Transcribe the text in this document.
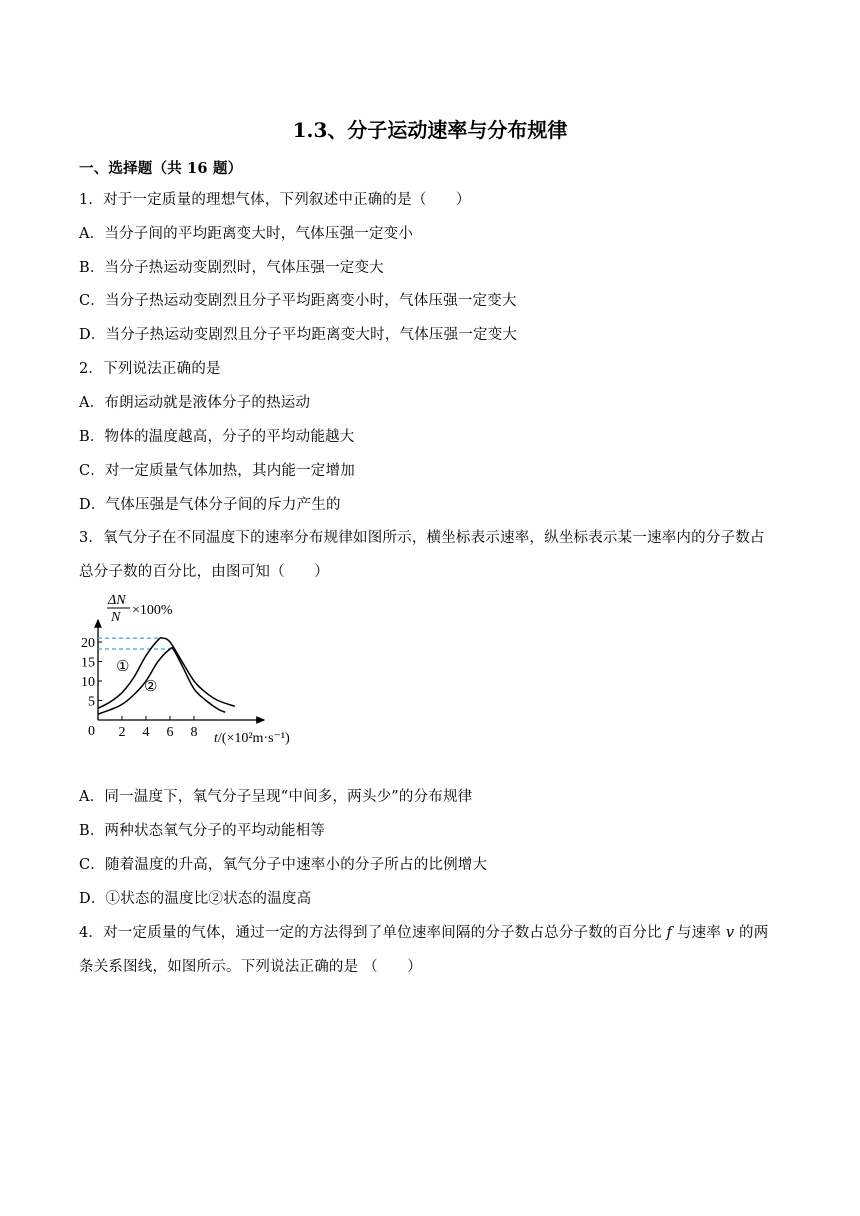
1.3、分子运动速率与分布规律
一、选择题（共 16 题）
1．对于一定质量的理想气体，下列叙述中正确的是（　　）
A．当分子间的平均距离变大时，气体压强一定变小
B．当分子热运动变剧烈时，气体压强一定变大
C．当分子热运动变剧烈且分子平均距离变小时，气体压强一定变大
D．当分子热运动变剧烈且分子平均距离变大时，气体压强一定变大
2．下列说法正确的是
A．布朗运动就是液体分子的热运动
B．物体的温度越高，分子的平均动能越大
C．对一定质量气体加热，其内能一定增加
D．气体压强是气体分子间的斥力产生的
3．氧气分子在不同温度下的速率分布规律如图所示，横坐标表示速率，纵坐标表示某一速率内的分子数占
总分子数的百分比，由图可知（　　）
ΔN
N ×100%
20
15
10
5
2 4 6 8
0
①
②
t/(×10²m·s⁻¹)
A．同一温度下，氧气分子呈现“中间多，两头少”的分布规律
B．两种状态氧气分子的平均动能相等
C．随着温度的升高，氧气分子中速率小的分子所占的比例增大
D．①状态的温度比②状态的温度高
4．对一定质量的气体，通过一定的方法得到了单位速率间隔的分子数占总分子数的百分比 f 与速率 v 的两
条关系图线，如图所示。下列说法正确的是 （　　）
